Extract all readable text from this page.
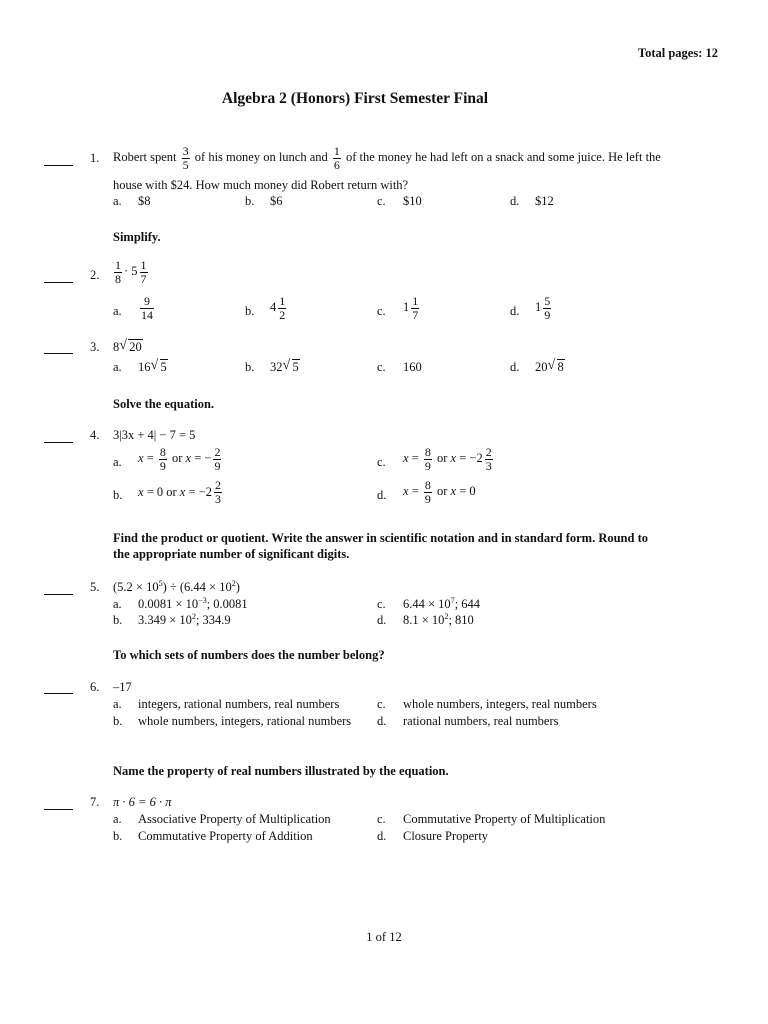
Total pages: 12
Algebra 2 (Honors) First Semester Final
1. Robert spent $\frac{3}{5}$ of his money on lunch and $\frac{1}{6}$ of the money he had left on a snack and some juice. He left the
house with $24. How much money did Robert return with?
a. $8	b. $6	c. $10	d. $12
Simplify.
2. $\frac{1}{8} \cdot 5 \frac{1}{7}$
a. $\frac{9}{14}$	b. $4 \frac{1}{2}$	c. $1 \frac{1}{7}$	d. $1 \frac{5}{9}$
3. 8 √ 20
a. 16 √ 5	b. 32 √ 5	c. 160	d. 20 √ 8
Solve the equation.
4. 3|3x + 4| − 7 = 5
a. $x = \frac{8}{9}$ or x = − $\frac{2}{9}$	c. $x = \frac{8}{9}$ or $x = -2 \frac{2}{3}$
b. x = 0 or $x = -2 \frac{2}{3}$	d. $x = \frac{8}{9}$ or x = 0
Find the product or quotient. Write the answer in scientific notation and in standard form. Round to
the appropriate number of significant digits.
5. $(5.2 \times 10^5) \div (6.44 \times 10^2)$
a. $0.0081 \times 10^{-3}$; 0.0081
b. $3.349 \times 10^2$; 334.9
c. $6.44 \times 10^7$; 644
d. $8.1 \times 10^2$; 810
To which sets of numbers does the number belong?
6. –17
a. integers, rational numbers, real numbers
b. whole numbers, integers, rational numbers
c. whole numbers, integers, real numbers
d. rational numbers, real numbers
Name the property of real numbers illustrated by the equation.
7. π · 6 = 6 · π
a. Associative Property of Multiplication
b. Commutative Property of Addition
c. Commutative Property of Multiplication
d. Closure Property
1 of 12
